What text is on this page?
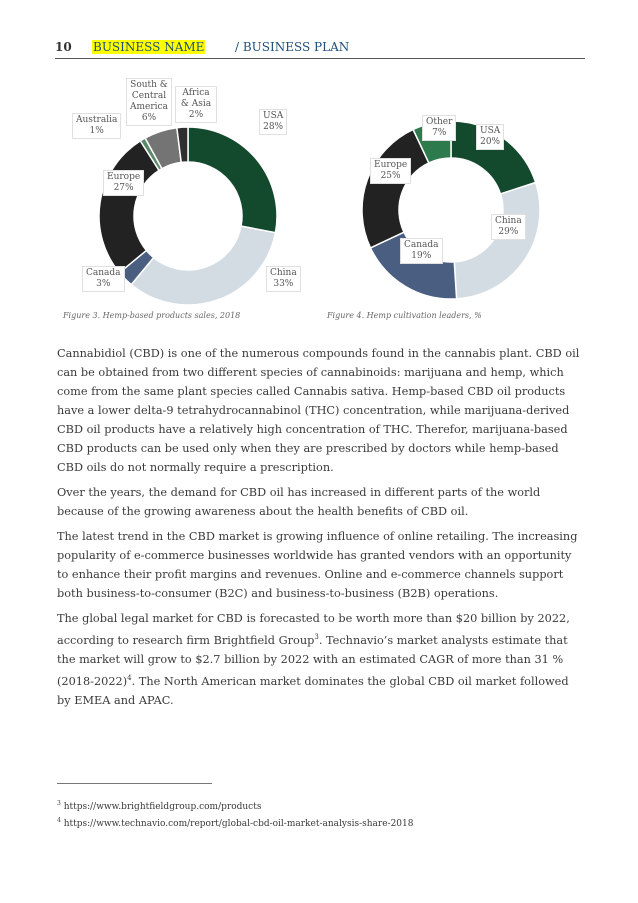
10 BUSINESS NAME	/ BUSINESS PLAN
USA
28%
China
33%
Canada
3%
Europe
27%
Australia
1%
South & Central America
6%
Africa & Asia
2%
Figure 3. Hemp-based products sales, 2018
USA
20%
China
29%
Canada
19%
Europe
25%
Other
7%
Figure 4. Hemp cultivation leaders, %

Cannabidiol (CBD) is one of the numerous compounds found in the cannabis plant. CBD oil can be obtained from two different species of cannabinoids: marijuana and hemp, which come from the same plant species called Cannabis sativa. Hemp-based CBD oil products have a lower delta-9 tetrahydrocannabinol (THC) concentration, while marijuana-derived CBD oil products have a relatively high concentration of THC. Therefor, marijuana-based CBD products can be used only when they are prescribed by doctors while hemp-based CBD oils do not normally require a prescription.

Over the years, the demand for CBD oil has increased in different parts of the world because of the growing awareness about the health benefits of CBD oil.

The latest trend in the CBD market is growing influence of online retailing. The increasing popularity of e-commerce businesses worldwide has granted vendors with an opportunity to enhance their profit margins and revenues. Online and e-commerce channels support both business-to-consumer (B2C) and business-to-business (B2B) operations.

The global legal market for CBD is forecasted to be worth more than $20 billion by 2022, according to research firm Brightfield Group$^3$. Technavio’s market analysts estimate that the market will grow to $2.7 billion by 2022 with an estimated CAGR of more than 31 % (2018-2022)$^4$. The North American market dominates the global CBD oil market followed by EMEA and APAC.

$^3$ https://www.brightfieldgroup.com/products
$^4$ https://www.technavio.com/report/global-cbd-oil-market-analysis-share-2018
